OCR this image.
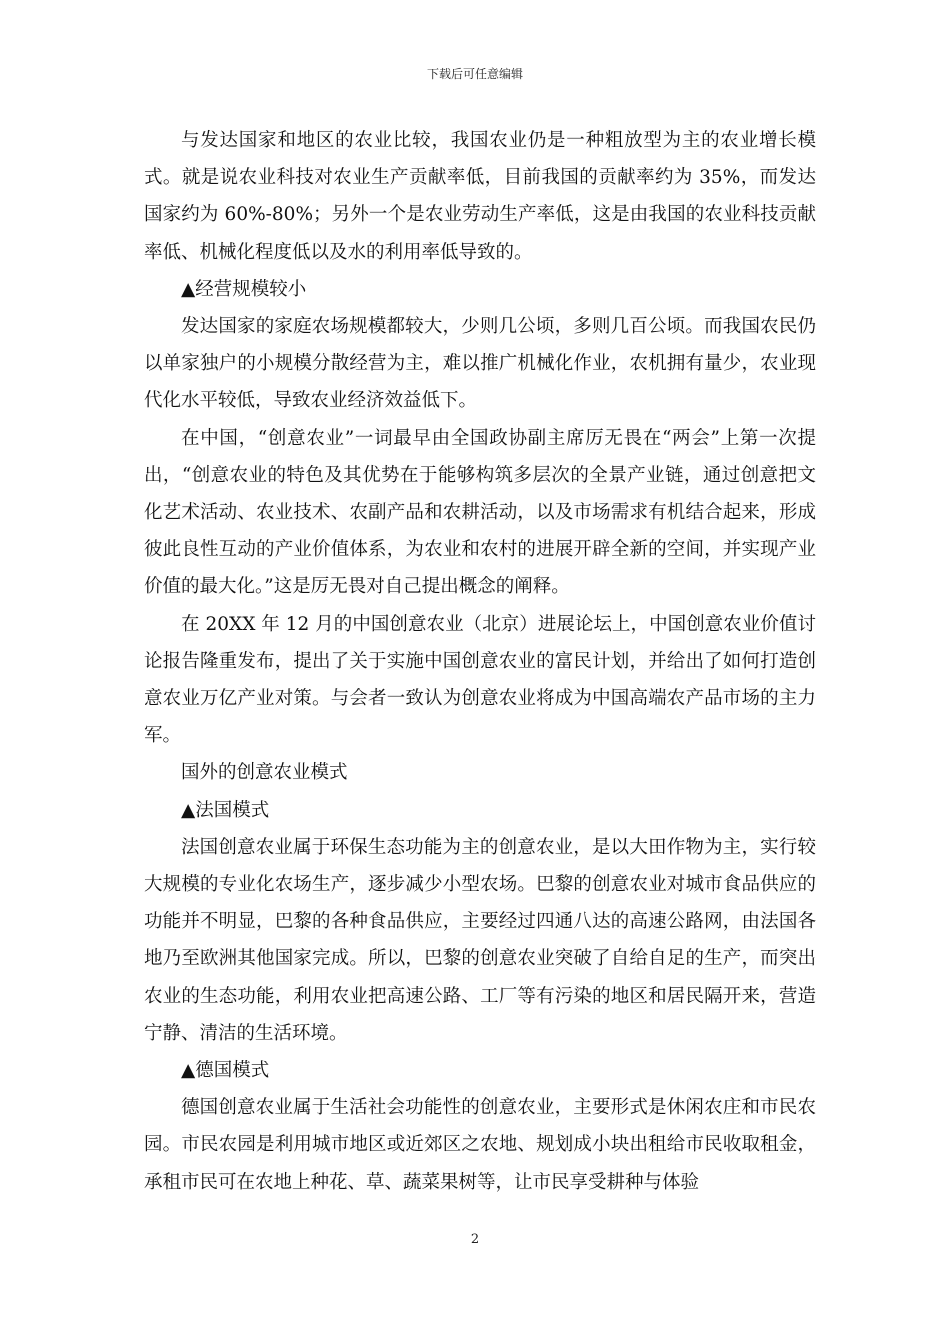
下载后可任意编辑

与发达国家和地区的农业比较，我国农业仍是一种粗放型为主的农业增长模式。就是说农业科技对农业生产贡献率低，目前我国的贡献率约为 35%，而发达国家约为 60%-80%；另外一个是农业劳动生产率低，这是由我国的农业科技贡献率低、机械化程度低以及水的利用率低导致的。

▲经营规模较小

发达国家的家庭农场规模都较大，少则几公顷，多则几百公顷。而我国农民仍以单家独户的小规模分散经营为主，难以推广机械化作业，农机拥有量少，农业现代化水平较低，导致农业经济效益低下。

在中国，“创意农业”一词最早由全国政协副主席厉无畏在“两会”上第一次提出，“创意农业的特色及其优势在于能够构筑多层次的全景产业链，通过创意把文化艺术活动、农业技术、农副产品和农耕活动，以及市场需求有机结合起来，形成彼此良性互动的产业价值体系，为农业和农村的进展开辟全新的空间，并实现产业价值的最大化。”这是厉无畏对自己提出概念的阐释。

在 20XX 年 12 月的中国创意农业（北京）进展论坛上，中国创意农业价值讨论报告隆重发布，提出了关于实施中国创意农业的富民计划，并给出了如何打造创意农业万亿产业对策。与会者一致认为创意农业将成为中国高端农产品市场的主力军。

国外的创意农业模式

▲法国模式

法国创意农业属于环保生态功能为主的创意农业，是以大田作物为主，实行较大规模的专业化农场生产，逐步减少小型农场。巴黎的创意农业对城市食品供应的功能并不明显，巴黎的各种食品供应，主要经过四通八达的高速公路网，由法国各地乃至欧洲其他国家完成。所以，巴黎的创意农业突破了自给自足的生产，而突出农业的生态功能，利用农业把高速公路、工厂等有污染的地区和居民隔开来，营造宁静、清洁的生活环境。

▲德国模式

德国创意农业属于生活社会功能性的创意农业，主要形式是休闲农庄和市民农园。市民农园是利用城市地区或近郊区之农地、规划成小块出租给市民收取租金，承租市民可在农地上种花、草、蔬菜果树等，让市民享受耕种与体验

2
